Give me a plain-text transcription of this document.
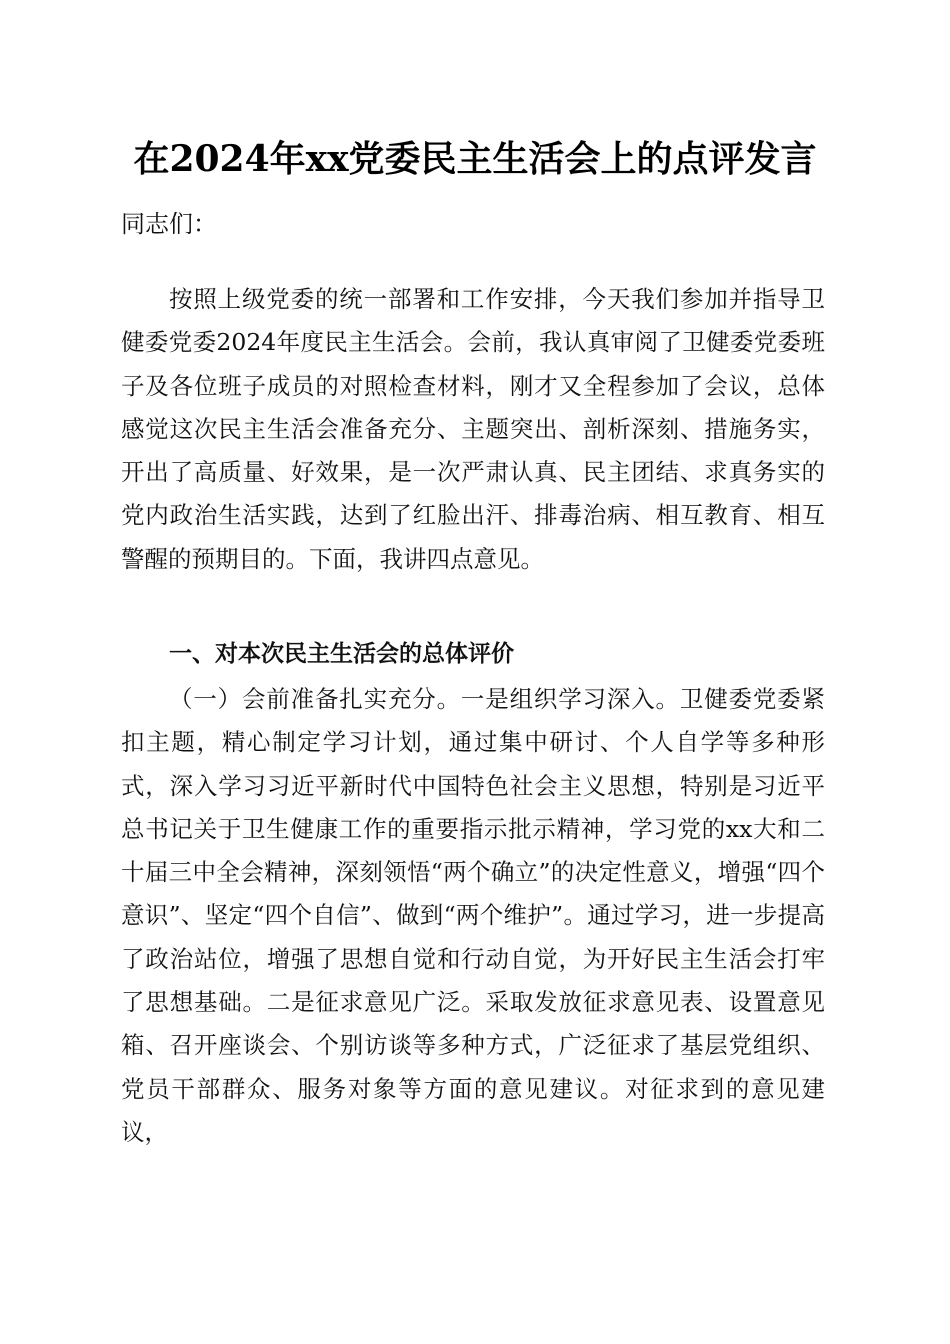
在2024年xx党委民主生活会上的点评发言
同志们：

按照上级党委的统一部署和工作安排，今天我们参加并指导卫健委党委2024年度民主生活会。会前，我认真审阅了卫健委党委班子及各位班子成员的对照检查材料，刚才又全程参加了会议，总体感觉这次民主生活会准备充分、主题突出、剖析深刻、措施务实，开出了高质量、好效果，是一次严肃认真、民主团结、求真务实的党内政治生活实践，达到了红脸出汗、排毒治病、相互教育、相互警醒的预期目的。下面，我讲四点意见。

一、对本次民主生活会的总体评价

（一）会前准备扎实充分。一是组织学习深入。卫健委党委紧扣主题，精心制定学习计划，通过集中研讨、个人自学等多种形式，深入学习习近平新时代中国特色社会主义思想，特别是习近平总书记关于卫生健康工作的重要指示批示精神，学习党的xx大和二十届三中全会精神，深刻领悟“两个确立”的决定性意义，增强“四个意识”、坚定“四个自信”、做到“两个维护”。通过学习，进一步提高了政治站位，增强了思想自觉和行动自觉，为开好民主生活会打牢了思想基础。二是征求意见广泛。采取发放征求意见表、设置意见箱、召开座谈会、个别访谈等多种方式，广泛征求了基层党组织、党员干部群众、服务对象等方面的意见建议。对征求到的意见建议，
